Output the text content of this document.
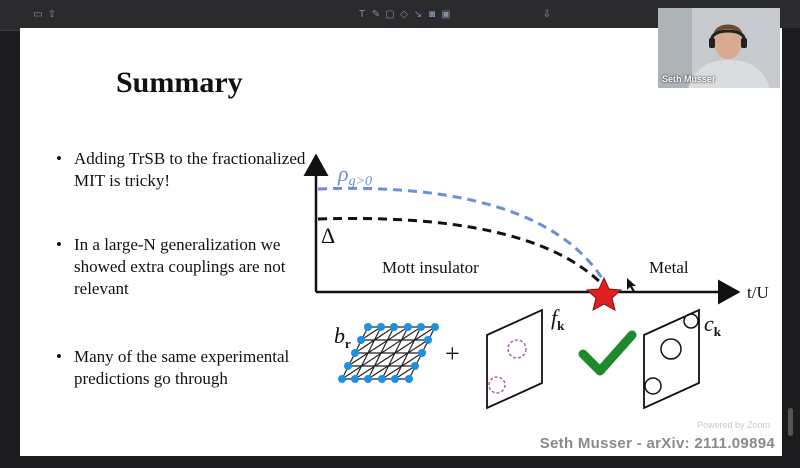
▭ ⇧	T ✎ ▢ ◇ ↘ ◙ ▣	⇩
Summary
• Adding TrSB to the fractionalized MIT is tricky!
• In a large-N generalization we showed extra couplings are not relevant
• Many of the same experimental predictions go through
ρg>0
Δ
Mott insulator	Metal
t/U
$b_r$	+
$f_k$	$c_k$
Seth Musser
Powered by Zoom
Seth Musser - arXiv: 2111.09894
